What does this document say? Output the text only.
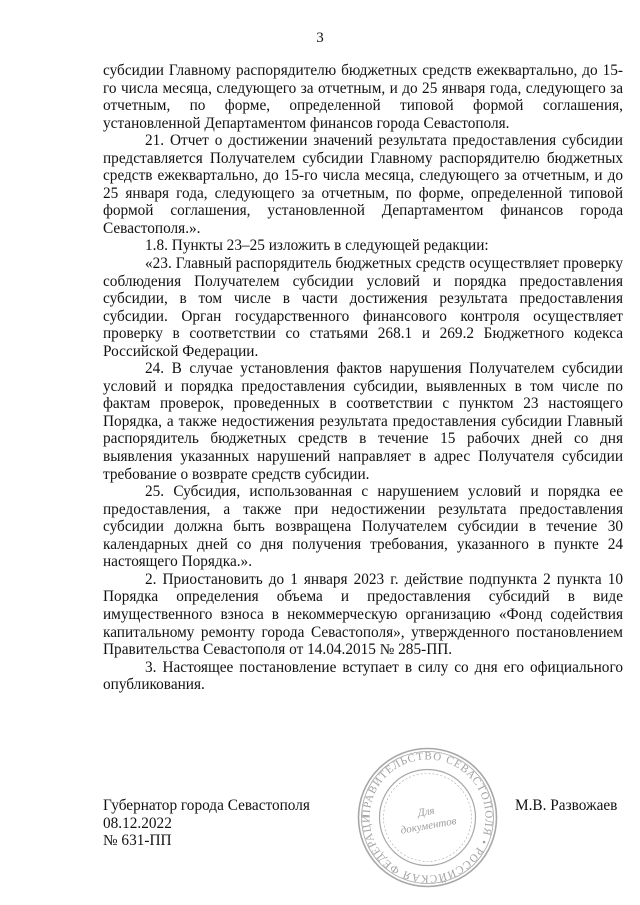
3

субсидии Главному распорядителю бюджетных средств ежеквартально, до 15-го числа месяца, следующего за отчетным, и до 25 января года, следующего за отчетным, по форме, определенной типовой формой соглашения, установленной Департаментом финансов города Севастополя.

21. Отчет о достижении значений результата предоставления субсидии представляется Получателем субсидии Главному распорядителю бюджетных средств ежеквартально, до 15-го числа месяца, следующего за отчетным, и до 25 января года, следующего за отчетным, по форме, определенной типовой формой соглашения, установленной Департаментом финансов города Севастополя.».

1.8. Пункты 23–25 изложить в следующей редакции:

«23. Главный распорядитель бюджетных средств осуществляет проверку соблюдения Получателем субсидии условий и порядка предоставления субсидии, в том числе в части достижения результата предоставления субсидии. Орган государственного финансового контроля осуществляет проверку в соответствии со статьями 268.1 и 269.2 Бюджетного кодекса Российской Федерации.

24. В случае установления фактов нарушения Получателем субсидии условий и порядка предоставления субсидии, выявленных в том числе по фактам проверок, проведенных в соответствии с пунктом 23 настоящего Порядка, а также недостижения результата предоставления субсидии Главный распорядитель бюджетных средств в течение 15 рабочих дней со дня выявления указанных нарушений направляет в адрес Получателя субсидии требование о возврате средств субсидии.

25. Субсидия, использованная с нарушением условий и порядка ее предоставления, а также при недостижении результата предоставления субсидии должна быть возвращена Получателем субсидии в течение 30 календарных дней со дня получения требования, указанного в пункте 24 настоящего Порядка.».

2. Приостановить до 1 января 2023 г. действие подпункта 2 пункта 10 Порядка определения объема и предоставления субсидий в виде имущественного взноса в некоммерческую организацию «Фонд содействия капитальному ремонту города Севастополя», утвержденного постановлением Правительства Севастополя от 14.04.2015 № 285-ПП.

3. Настоящее постановление вступает в силу со дня его официального опубликования.

ПРАВИТЕЛЬСТВО СЕВАСТОПОЛЯ • РОССИЙСКАЯ ФЕДЕРАЦИ	Для
документов
Губернатор города Севастополя
08.12.2022
№ 631-ПП
М.В. Развожаев
